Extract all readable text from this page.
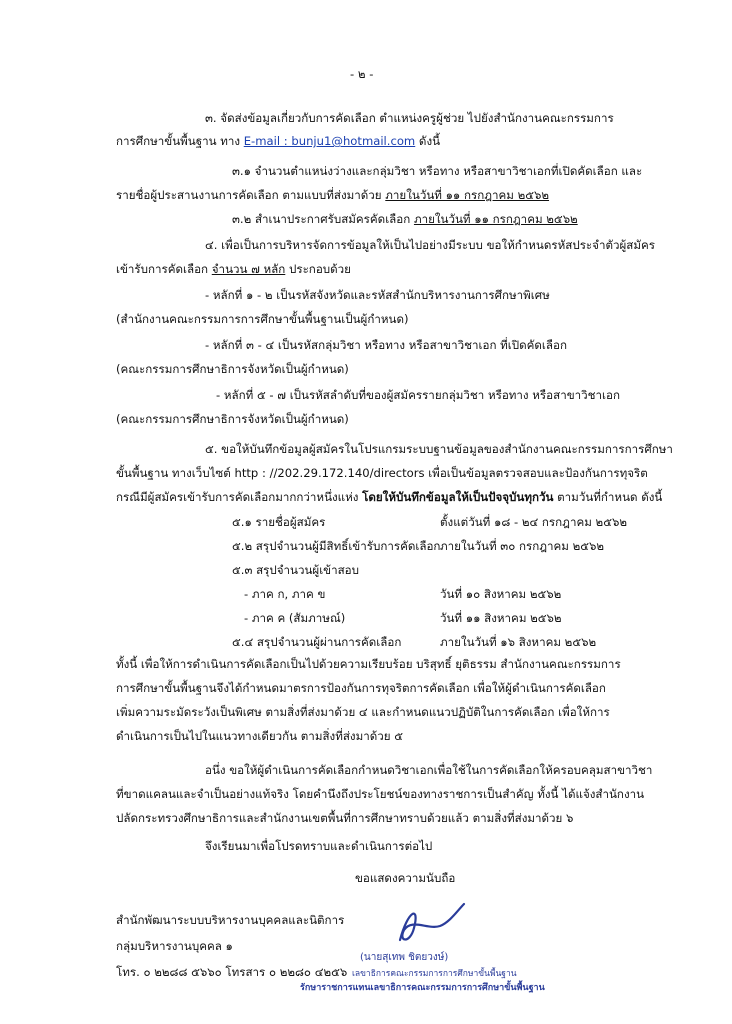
- ๒ -
๓. จัดส่งข้อมูลเกี่ยวกับการคัดเลือก ตำแหน่งครูผู้ช่วย ไปยังสำนักงานคณะกรรมการ
การศึกษาขั้นพื้นฐาน ทาง E-mail : bunju1@hotmail.com ดังนี้
๓.๑ จำนวนตำแหน่งว่างและกลุ่มวิชา หรือทาง หรือสาขาวิชาเอกที่เปิดคัดเลือก และ
รายชื่อผู้ประสานงานการคัดเลือก ตามแบบที่ส่งมาด้วย ภายในวันที่ ๑๑ กรกฎาคม ๒๕๖๒
๓.๒ สำเนาประกาศรับสมัครคัดเลือก ภายในวันที่ ๑๑ กรกฎาคม ๒๕๖๒
๔. เพื่อเป็นการบริหารจัดการข้อมูลให้เป็นไปอย่างมีระบบ ขอให้กำหนดรหัสประจำตัวผู้สมัคร
เข้ารับการคัดเลือก จำนวน ๗ หลัก ประกอบด้วย
- หลักที่ ๑ - ๒ เป็นรหัสจังหวัดและรหัสสำนักบริหารงานการศึกษาพิเศษ
(สำนักงานคณะกรรมการการศึกษาขั้นพื้นฐานเป็นผู้กำหนด)
- หลักที่ ๓ - ๔ เป็นรหัสกลุ่มวิชา หรือทาง หรือสาขาวิชาเอก ที่เปิดคัดเลือก
(คณะกรรมการศึกษาธิการจังหวัดเป็นผู้กำหนด)
- หลักที่ ๕ - ๗ เป็นรหัสลำดับที่ของผู้สมัครรายกลุ่มวิชา หรือทาง หรือสาขาวิชาเอก
(คณะกรรมการศึกษาธิการจังหวัดเป็นผู้กำหนด)
๕. ขอให้บันทึกข้อมูลผู้สมัครในโปรแกรมระบบฐานข้อมูลของสำนักงานคณะกรรมการการศึกษา
ขั้นพื้นฐาน ทางเว็บไซต์ http : //202.29.172.140/directors เพื่อเป็นข้อมูลตรวจสอบและป้องกันการทุจริต
กรณีมีผู้สมัครเข้ารับการคัดเลือกมากกว่าหนึ่งแห่ง โดยให้บันทึกข้อมูลให้เป็นปัจจุบันทุกวัน ตามวันที่กำหนด ดังนี้
๕.๑ รายชื่อผู้สมัคร	ตั้งแต่วันที่ ๑๘ - ๒๔ กรกฎาคม ๒๕๖๒
๕.๒ สรุปจำนวนผู้มีสิทธิ์เข้ารับการคัดเลือก ภายในวันที่ ๓๐ กรกฎาคม ๒๕๖๒
๕.๓ สรุปจำนวนผู้เข้าสอบ
- ภาค ก, ภาค ข	วันที่ ๑๐ สิงหาคม ๒๕๖๒
- ภาค ค (สัมภาษณ์)	วันที่ ๑๑ สิงหาคม ๒๕๖๒
๕.๔ สรุปจำนวนผู้ผ่านการคัดเลือก	ภายในวันที่ ๑๖ สิงหาคม ๒๕๖๒
ทั้งนี้ เพื่อให้การดำเนินการคัดเลือกเป็นไปด้วยความเรียบร้อย บริสุทธิ์ ยุติธรรม สำนักงานคณะกรรมการ
การศึกษาขั้นพื้นฐานจึงได้กำหนดมาตรการป้องกันการทุจริตการคัดเลือก เพื่อให้ผู้ดำเนินการคัดเลือก
เพิ่มความระมัดระวังเป็นพิเศษ ตามสิ่งที่ส่งมาด้วย ๔ และกำหนดแนวปฏิบัติในการคัดเลือก เพื่อให้การ
ดำเนินการเป็นไปในแนวทางเดียวกัน ตามสิ่งที่ส่งมาด้วย ๕
อนึ่ง ขอให้ผู้ดำเนินการคัดเลือกกำหนดวิชาเอกเพื่อใช้ในการคัดเลือกให้ครอบคลุมสาขาวิชา
ที่ขาดแคลนและจำเป็นอย่างแท้จริง โดยคำนึงถึงประโยชน์ของทางราชการเป็นสำคัญ ทั้งนี้ ได้แจ้งสำนักงาน
ปลัดกระทรวงศึกษาธิการและสำนักงานเขตพื้นที่การศึกษาทราบด้วยแล้ว ตามสิ่งที่ส่งมาด้วย ๖
จึงเรียนมาเพื่อโปรดทราบและดำเนินการต่อไป
ขอแสดงความนับถือ
(นายสุเทพ ชิตยวงษ์)
เลขาธิการคณะกรรมการการศึกษาขั้นพื้นฐาน
รักษาราชการแทนเลขาธิการคณะกรรมการการศึกษาขั้นพื้นฐาน
สำนักพัฒนาระบบบริหารงานบุคคลและนิติการ
กลุ่มบริหารงานบุคคล ๑
โทร. ๐ ๒๒๘๘ ๕๖๖๐ โทรสาร ๐ ๒๒๘๐ ๔๒๕๖
